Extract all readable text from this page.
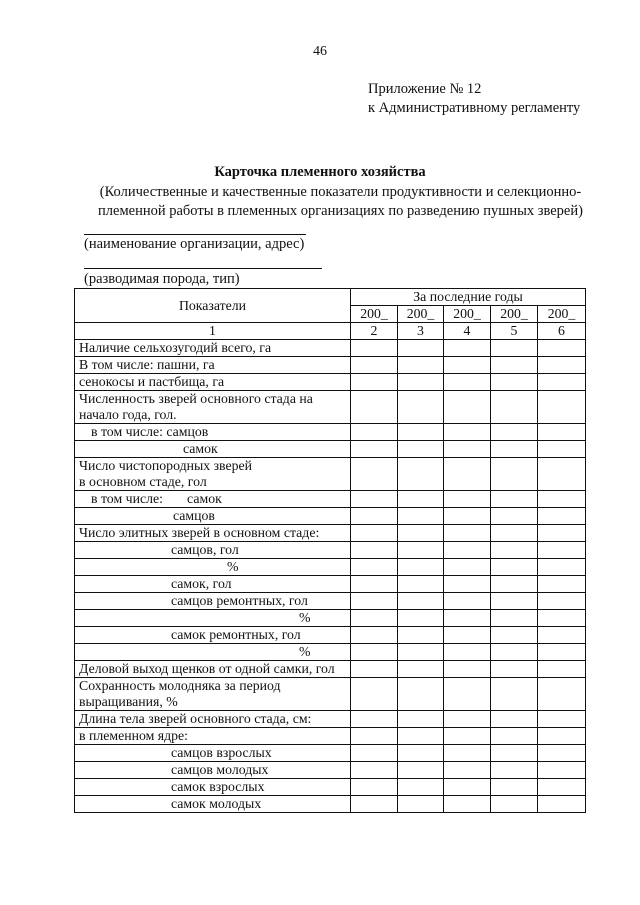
46
Приложение № 12
к Административному регламенту
Карточка племенного хозяйства
(Количественные и качественные показатели продуктивности и селекционно-племенной работы в племенных организациях по разведению пушных зверей)
(наименование организации, адрес)
(разводимая порода, тип)
Показатели	За последние годы				
	200_	200_	200_	200_	200_
1	2	3	4	5	6
Наличие сельхозугодий всего, га					
В том числе: пашни, га					
сенокосы и пастбища, га					
Численность зверей основного стада на начало года, гол.					
в том числе: самцов					
самок					
Число чистопородных зверей в основном стаде, гол					
в том числе:       самок					
самцов					
Число элитных зверей в основном стаде:					
самцов, гол					
%					
самок, гол					
самцов ремонтных, гол					
%					
самок ремонтных, гол					
%					
Деловой выход щенков от одной самки, гол					
Сохранность молодняка за период выращивания, %					
Длина тела зверей основного стада, см:					
в племенном ядре:					
самцов взрослых					
самцов молодых					
самок взрослых					
самок молодых					
